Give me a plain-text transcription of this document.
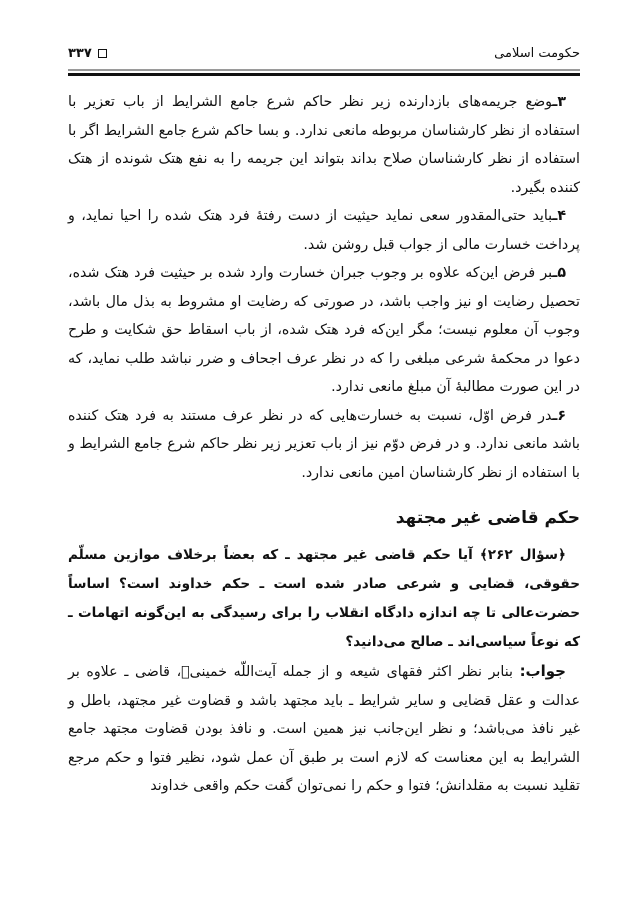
حکومت اسلامی
۳۳۷

۳ـوضع جریمه‌های بازدارنده زیر نظر حاکم شرع جامع الشرایط از باب تعزیر با استفاده از نظر کارشناسان مربوطه مانعی ندارد. و بسا حاکم شرع جامع الشرایط اگر با استفاده از نظر کارشناسان صلاح بداند بتواند این جریمه را به نفع هتک شونده از هتک کننده بگیرد.

۴ـباید حتی‌المقدور سعی نماید حیثیت از دست رفتهٔ فرد هتک شده را احیا نماید، و پرداخت خسارت مالی از جواب قبل روشن شد.

۵ـبر فرض این‌که علاوه بر وجوب جبران خسارت وارد شده بر حیثیت فرد هتک شده، تحصیل رضایت او نیز واجب باشد، در صورتی که رضایت او مشروط به بذل مال باشد، وجوب آن معلوم نیست؛ مگر این‌که فرد هتک شده، از باب اسقاط حق شکایت و طرح دعوا در محکمهٔ شرعی مبلغی را که در نظر عرف اجحاف و ضرر نباشد طلب نماید، که در این صورت مطالبهٔ آن مبلغ مانعی ندارد.

۶ـدر فرض اوّل، نسبت به خسارت‌هایی که در نظر عرف مستند به فرد هتک کننده باشد مانعی ندارد. و در فرض دوّم نیز از باب تعزیر زیر نظر حاکم شرع جامع الشرایط و با استفاده از نظر کارشناسان امین مانعی ندارد.

حکم قاضی غیر مجتهد

﴿سؤال ۲۶۲﴾ آیا حکم قاضی غیر مجتهد ـ که بعضاً برخلاف موازین مسلّم حقوقی، قضایی و شرعی صادر شده است ـ حکم خداوند است؟ اساساً حضرت‌عالی تا چه اندازه دادگاه انقلاب را برای رسیدگی به این‌گونه اتهامات ـ که نوعاً سیاسی‌اند ـ صالح می‌دانید؟

جواب: بنابر نظر اکثر فقهای شیعه و از جمله آیت‌اللّه خمینی‌﷬، قاضی ـ علاوه بر عدالت و عقل قضایی و سایر شرایط ـ باید مجتهد باشد و قضاوت غیر مجتهد، باطل و غیر نافذ می‌باشد؛ و نظر این‌جانب نیز همین است. و نافذ بودن قضاوت مجتهد جامع الشرایط به این معناست که لازم است بر طبق آن عمل شود، نظیر فتوا و حکم مرجع تقلید نسبت به مقلدانش؛ فتوا و حکم را نمی‌توان گفت حکم واقعی خداوند
